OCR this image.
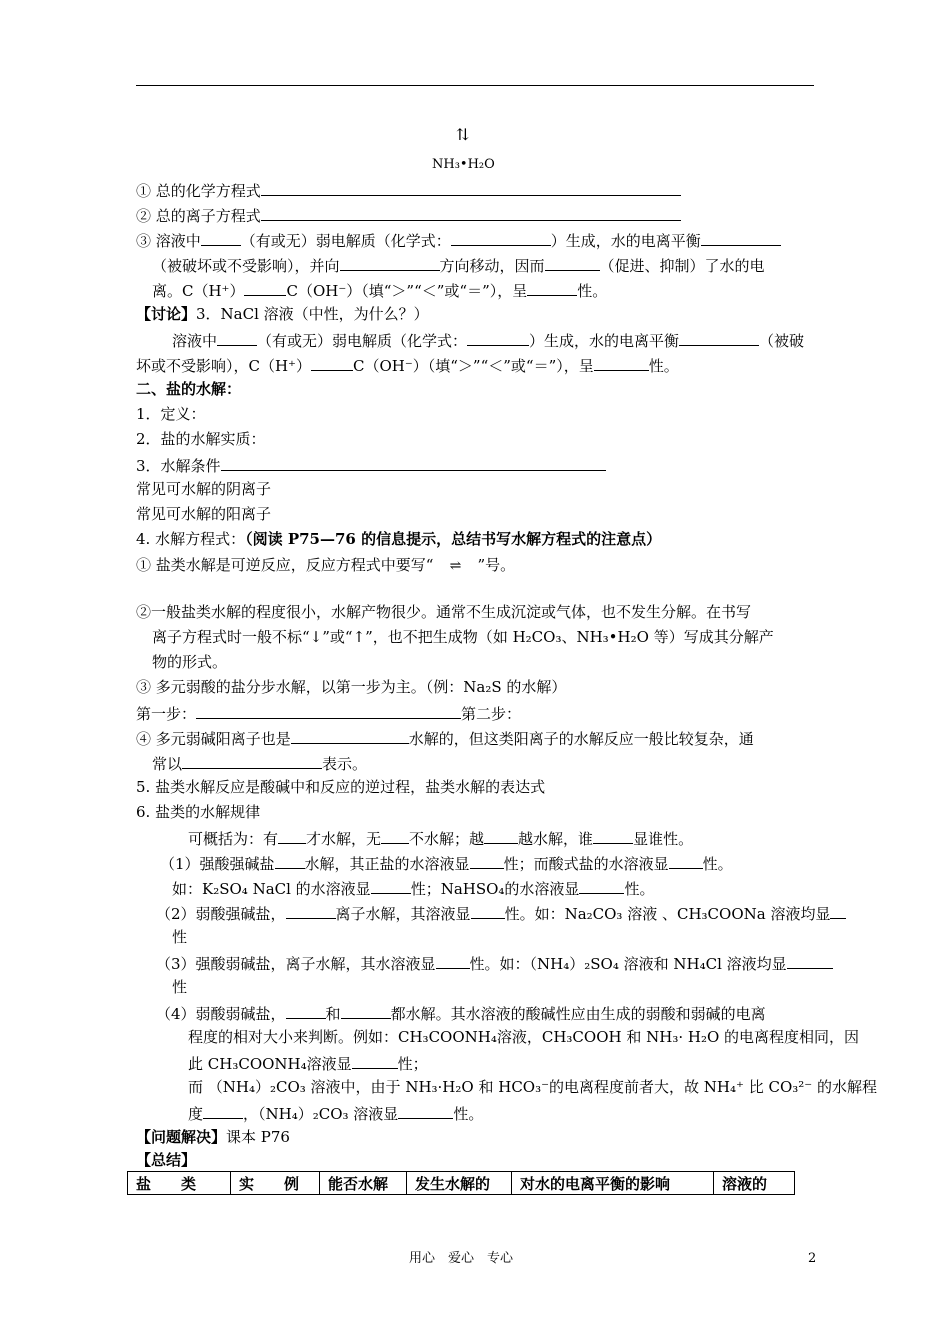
⇅
NH₃•H₂O
① 总的化学方程式
② 总的离子方程式
③ 溶液中	（有或无）弱电解质（化学式：	）生成，水的电离平衡
（被破坏或不受影响），并向	方向移动，因而	（促进、抑制）了水的电
离。C（H⁺）	C（OH⁻）（填“＞”“＜”或“＝”），呈	性。
【讨论】3．NaCl 溶液（中性，为什么？）
溶液中	（有或无）弱电解质（化学式：	）生成，水的电离平衡	（被破
坏或不受影响），C（H⁺）	C（OH⁻）（填“＞”“＜”或“＝”），呈	性。
二、盐的水解：
1．定义：
2．盐的水解实质：
3．水解条件
常见可水解的阴离子
常见可水解的阳离子
4. 水解方程式：（阅读 P75—76 的信息提示，总结书写水解方程式的注意点）
① 盐类水解是可逆反应，反应方程式中要写“ ⇌ ”号。
②一般盐类水解的程度很小，水解产物很少。通常不生成沉淀或气体，也不发生分解。在书写
离子方程式时一般不标“↓”或“↑”，也不把生成物（如 H₂CO₃、NH₃•H₂O 等）写成其分解产
物的形式。
③ 多元弱酸的盐分步水解，以第一步为主。（例：Na₂S 的水解）
第一步：	第二步：
④ 多元弱碱阳离子也是	水解的，但这类阳离子的水解反应一般比较复杂，通
常以	表示。
5. 盐类水解反应是酸碱中和反应的逆过程，盐类水解的表达式
6. 盐类的水解规律
可概括为：有 才水解，无 不水解；越 越水解，谁	显谁性。
（1）强酸强碱盐 水解，其正盐的水溶液显 性；而酸式盐的水溶液显 性。
如：K₂SO₄ NaCl 的水溶液显	性；NaHSO₄的水溶液显	性。
（2）弱酸强碱盐，	离子水解，其溶液显 性。如：Na₂CO₃ 溶液 、CH₃COONa 溶液均显
性
（3）强酸弱碱盐，离子水解，其水溶液显 性。如：（NH₄）₂SO₄ 溶液和 NH₄Cl 溶液均显
性
（4）弱酸弱碱盐，	和	都水解。其水溶液的酸碱性应由生成的弱酸和弱碱的电离
程度的相对大小来判断。例如：CH₃COONH₄溶液，CH₃COOH 和 NH₃· H₂O 的电离程度相同，因
此 CH₃COONH₄溶液显	性；
而 （NH₄）₂CO₃ 溶液中，由于 NH₃·H₂O 和 HCO₃⁻的电离程度前者大，故 NH₄⁺ 比 CO₃²⁻ 的水解程
度	，（NH₄）₂CO₃ 溶液显	性。
【问题解决】课本 P76
【总结】
盐　　类	实　　例	能否水解	发生水解的	对水的电离平衡的影响	溶液的
用心　爱心　专心	2
